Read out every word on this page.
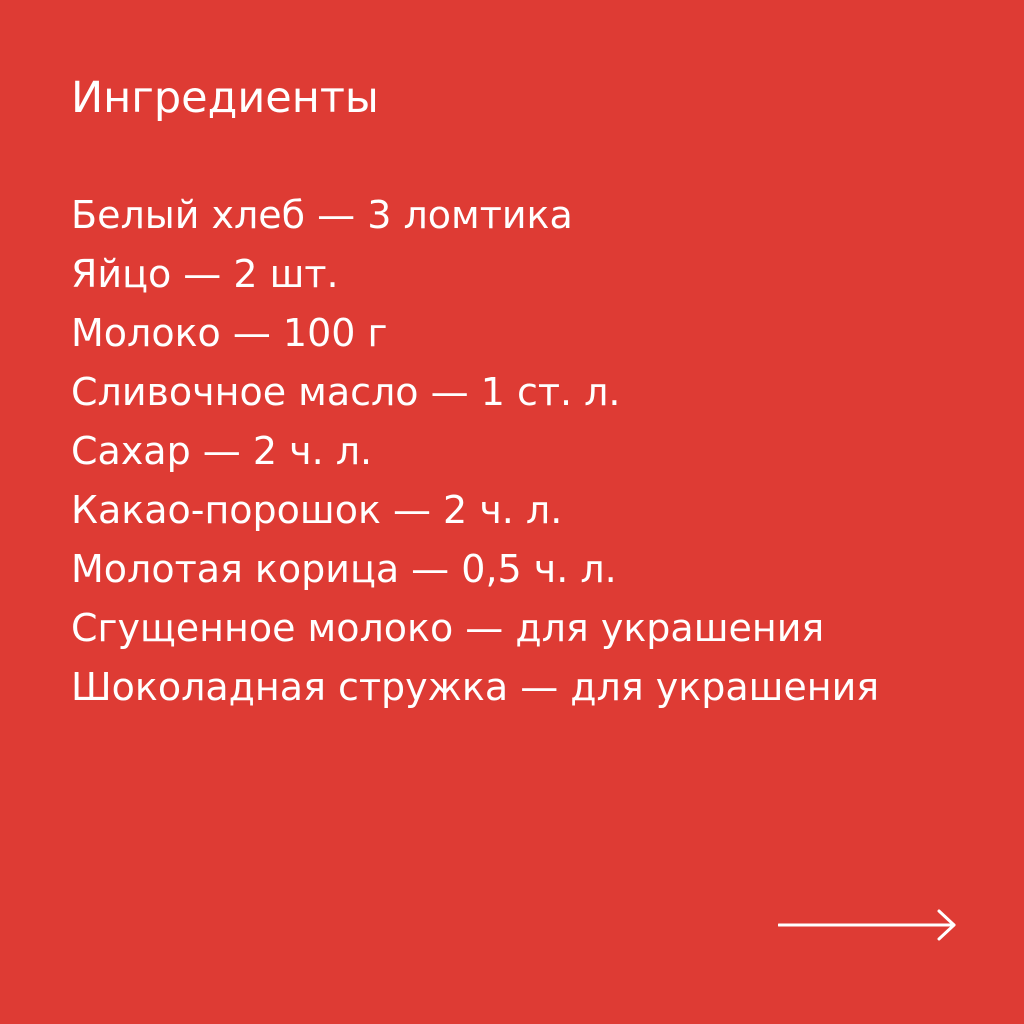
Ингредиенты
Белый хлеб — 3 ломтика
Яйцо — 2 шт.
Молоко — 100 г
Сливочное масло — 1 ст. л.
Сахар — 2 ч. л.
Какао-порошок — 2 ч. л.
Молотая корица — 0,5 ч. л.
Сгущенное молоко — для украшения
Шоколадная стружка — для украшения
